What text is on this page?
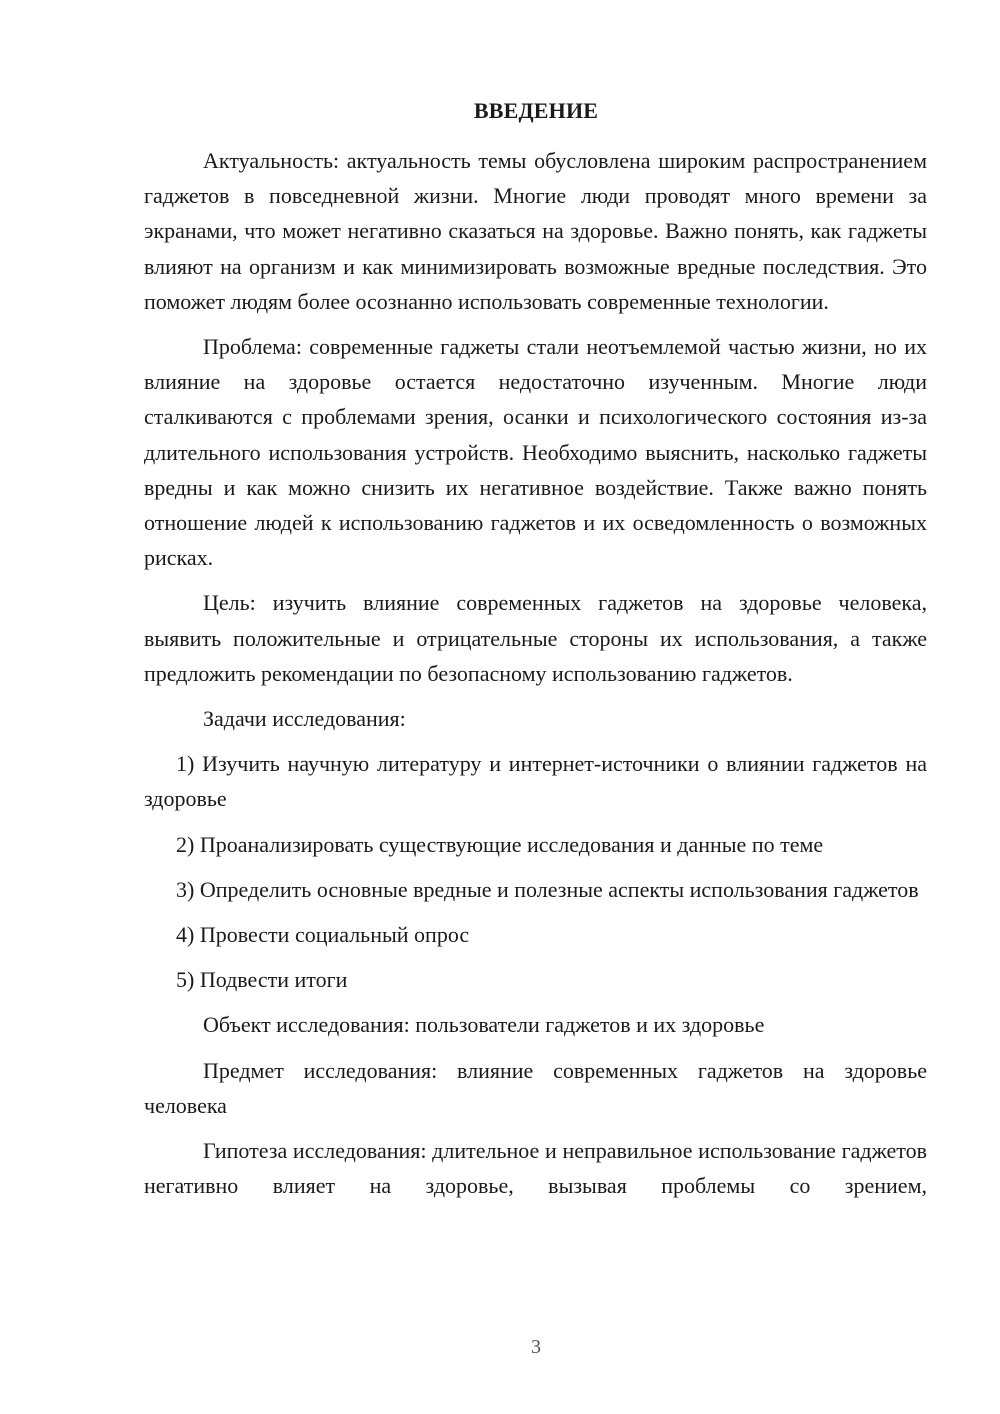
ВВЕДЕНИЕ

Актуальность: актуальность темы обусловлена широким распространением гаджетов в повседневной жизни. Многие люди проводят много времени за экранами, что может негативно сказаться на здоровье. Важно понять, как гаджеты влияют на организм и как минимизировать возможные вредные последствия. Это поможет людям более осознанно использовать современные технологии.

Проблема: современные гаджеты стали неотъемлемой частью жизни, но их влияние на здоровье остается недостаточно изученным. Многие люди сталкиваются с проблемами зрения, осанки и психологического состояния из-за длительного использования устройств. Необходимо выяснить, насколько гаджеты вредны и как можно снизить их негативное воздействие. Также важно понять отношение людей к использованию гаджетов и их осведомленность о возможных рисках.

Цель: изучить влияние современных гаджетов на здоровье человека, выявить положительные и отрицательные стороны их использования, а также предложить рекомендации по безопасному использованию гаджетов.

Задачи исследования:

1) Изучить научную литературу и интернет-источники о влиянии гаджетов на здоровье

2) Проанализировать существующие исследования и данные по теме

3) Определить основные вредные и полезные аспекты использования гаджетов

4) Провести социальный опрос

5) Подвести итоги

Объект исследования: пользователи гаджетов и их здоровье

Предмет исследования: влияние современных гаджетов на здоровье человека

Гипотеза исследования: длительное и неправильное использование гаджетов негативно влияет на здоровье, вызывая проблемы со зрением,

3
